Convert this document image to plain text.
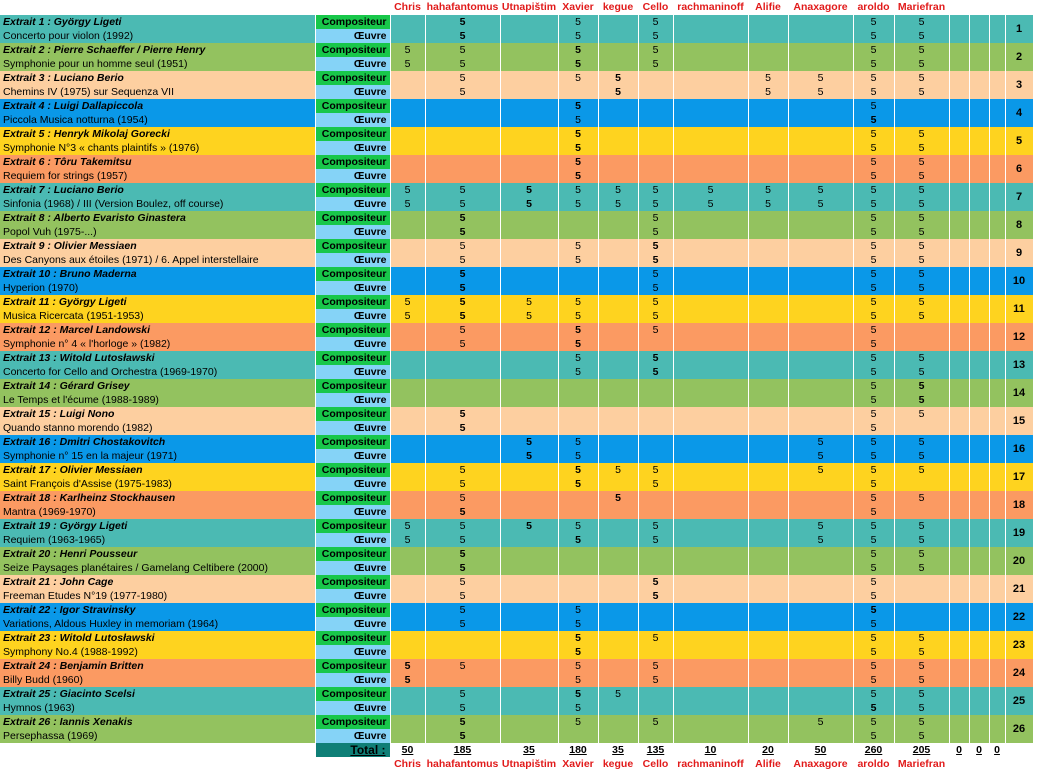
		Chris	hahafantomus	Utnapištim	Xavier	kegue	Cello	rachmaninoff	Alifie	Anaxagore	aroldo	Mariefran				
Extrait 1 : György Ligeti	Compositeur		5		5		5				5	5				1
Concerto pour violon (1992)	Œuvre		5		5		5				5	5				
Extrait 2 : Pierre Schaeffer / Pierre Henry	Compositeur	5	5		5		5				5	5				2
Symphonie pour un homme seul (1951)	Œuvre	5	5		5		5				5	5				
Extrait 3 : Luciano Berio	Compositeur		5		5	5			5	5	5	5				3
Chemins IV (1975) sur Sequenza VII	Œuvre		5			5			5	5	5	5				
Extrait 4 : Luigi Dallapiccola	Compositeur				5						5					4
Piccola Musica notturna (1954)	Œuvre				5						5					
Extrait 5 : Henryk Mikolaj Gorecki	Compositeur				5						5	5				5
Symphonie N°3 « chants plaintifs » (1976)	Œuvre				5						5	5				
Extrait 6 : Tôru Takemitsu	Compositeur				5						5	5				6
Requiem for strings (1957)	Œuvre				5						5	5				
Extrait 7 : Luciano Berio	Compositeur	5	5	5	5	5	5	5	5	5	5	5				7
Sinfonia (1968) / III (Version Boulez, off course)	Œuvre	5	5	5	5	5	5	5	5	5	5	5				
Extrait 8 : Alberto Evaristo Ginastera	Compositeur		5				5				5	5				8
Popol Vuh (1975-...)	Œuvre		5				5				5	5				
Extrait 9 : Olivier Messiaen	Compositeur		5		5		5				5	5				9
Des Canyons aux étoiles (1971) / 6. Appel interstellaire	Œuvre		5		5		5				5	5				
Extrait 10 : Bruno Maderna	Compositeur		5				5				5	5				10
Hyperion (1970)	Œuvre		5				5				5	5				
Extrait 11 : György Ligeti	Compositeur	5	5	5	5		5				5	5				11
Musica Ricercata (1951-1953)	Œuvre	5	5	5	5		5				5	5				
Extrait 12 : Marcel Landowski	Compositeur		5		5		5				5					12
Symphonie n° 4 « l'horloge » (1982)	Œuvre		5		5						5					
Extrait 13 : Witold Lutosławski	Compositeur				5		5				5	5				13
Concerto for Cello and Orchestra (1969-1970)	Œuvre				5		5				5	5				
Extrait 14 : Gérard Grisey	Compositeur										5	5				14
Le Temps et l'écume (1988-1989)	Œuvre										5	5				
Extrait 15 : Luigi Nono	Compositeur		5								5	5				15
Quando stanno morendo (1982)	Œuvre		5								5					
Extrait 16 : Dmitri Chostakovitch	Compositeur			5	5					5	5	5				16
Symphonie n° 15 en la majeur (1971)	Œuvre			5	5					5	5	5				
Extrait 17 : Olivier Messiaen	Compositeur		5		5	5	5			5	5	5				17
Saint François d'Assise (1975-1983)	Œuvre		5		5		5				5					
Extrait 18 : Karlheinz Stockhausen	Compositeur		5			5					5	5				18
Mantra (1969-1970)	Œuvre		5								5					
Extrait 19 : György Ligeti	Compositeur	5	5	5	5		5			5	5	5				19
Requiem (1963-1965)	Œuvre	5	5		5		5			5	5	5				
Extrait 20 : Henri Pousseur	Compositeur		5								5	5				20
Seize Paysages planétaires / Gamelang Celtibere (2000)	Œuvre		5								5	5				
Extrait 21 : John Cage	Compositeur		5				5				5					21
Freeman Etudes N°19 (1977-1980)	Œuvre		5				5				5					
Extrait 22 : Igor Stravinsky	Compositeur		5		5						5					22
Variations, Aldous Huxley in memoriam (1964)	Œuvre		5		5						5					
Extrait 23 : Witold Lutosławski	Compositeur				5		5				5	5				23
Symphony No.4 (1988-1992)	Œuvre				5						5	5				
Extrait 24 : Benjamin Britten	Compositeur	5	5		5		5				5	5				24
Billy Budd (1960)	Œuvre	5			5		5				5	5				
Extrait 25 : Giacinto Scelsi	Compositeur		5		5	5					5	5				25
Hymnos (1963)	Œuvre		5		5						5	5				
Extrait 26 : Iannis Xenakis	Compositeur		5		5		5			5	5	5				26
Persephassa (1969)	Œuvre		5								5	5				
	Total :	50	185	35	180	35	135	10	20	50	260	205	0	0	0	
		Chris	hahafantomus	Utnapištim	Xavier	kegue	Cello	rachmaninoff	Alifie	Anaxagore	aroldo	Mariefran				
